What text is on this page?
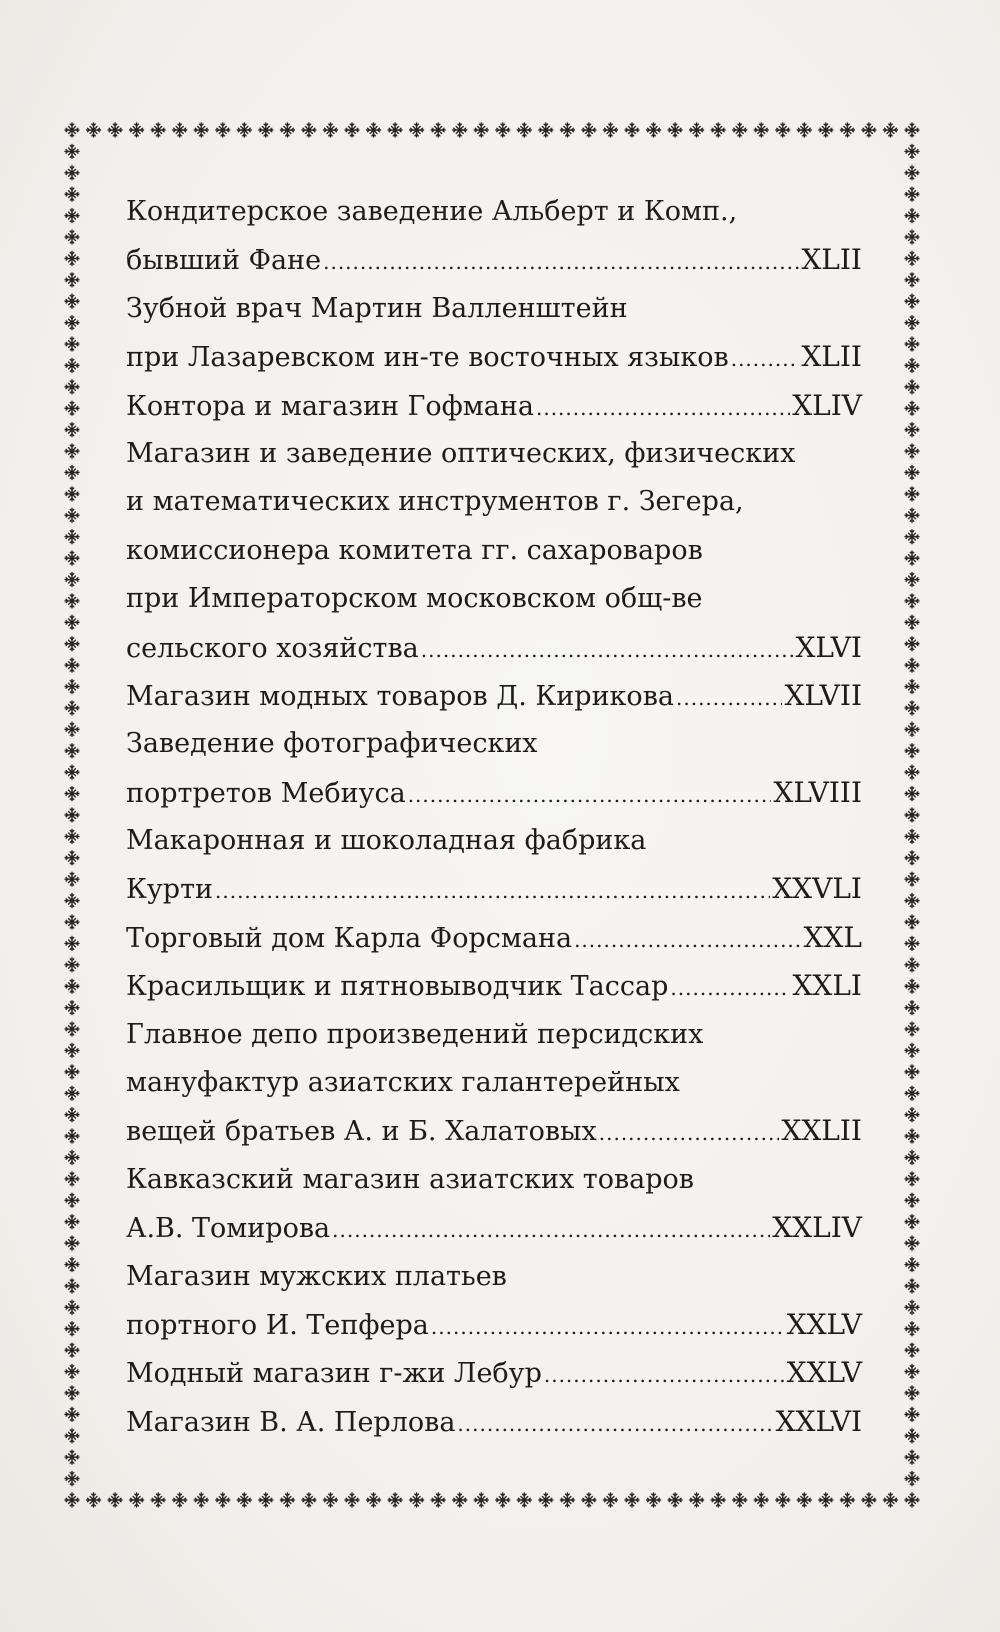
Кондитерское заведение Альберт и Комп.,
бывший Фане .....	XLII
Зубной врач Мартин Валленштейн
при Лазаревском ин-те восточных языков .....	XLII
Контора и магазин Гофмана .....	XLIV
Магазин и заведение оптических, физических
и математических инструментов г. Зегера,
комиссионера комитета гг. сахароваров
при Императорском московском общ-ве
сельского хозяйства .....	XLVI
Магазин модных товаров Д. Кирикова .....	XLVII
Заведение фотографических
портретов Мебиуса .....	XLVIII
Макаронная и шоколадная фабрика
Курти .....	XXVLI
Торговый дом Карла Форсмана .....	XXL
Красильщик и пятновыводчик Тассар .....	XXLI
Главное депо произведений персидских
мануфактур азиатских галантерейных
вещей братьев А. и Б. Халатовых .....	XXLII
Кавказский магазин азиатских товаров
А.В. Томирова .....	XXLIV
Магазин мужских платьев
портного И. Тепфера .....	XXLV
Модный магазин г-жи Лебур .....	XXLV
Магазин В. А. Перлова .....	XXLVI
